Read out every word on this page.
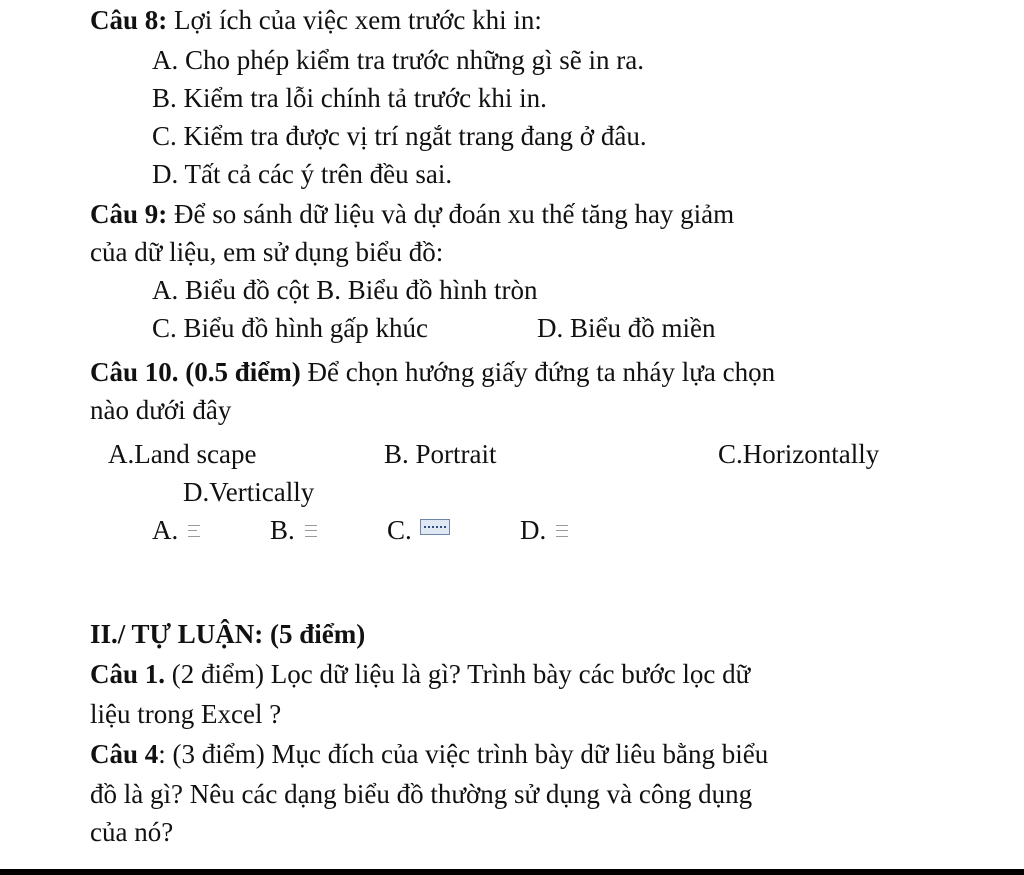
Câu 8: Lợi ích của việc xem trước khi in:
A. Cho phép kiểm tra trước những gì sẽ in ra.
B. Kiểm tra lỗi chính tả trước khi in.
C. Kiểm tra được vị trí ngắt trang đang ở đâu.
D. Tất cả các ý trên đều sai.
Câu 9: Để so sánh dữ liệu và dự đoán xu thế tăng hay giảm
của dữ liệu, em sử dụng biểu đồ:
A. Biểu đồ cột B. Biểu đồ hình tròn
C. Biểu đồ hình gấp khúc	D. Biểu đồ miền
Câu 10. (0.5 điểm) Để chọn hướng giấy đứng ta nháy lựa chọn
nào dưới đây
A.Land scape	B. Portrait	C.Horizontally
D.Vertically
A.	B.	C.	D.
II./ TỰ LUẬN: (5 điểm)
Câu 1. (2 điểm) Lọc dữ liệu là gì? Trình bày các bước lọc dữ
liệu trong Excel ?
Câu 4: (3 điểm) Mục đích của việc trình bày dữ liêu bằng biểu
đồ là gì? Nêu các dạng biểu đồ thường sử dụng và công dụng
của nó?
